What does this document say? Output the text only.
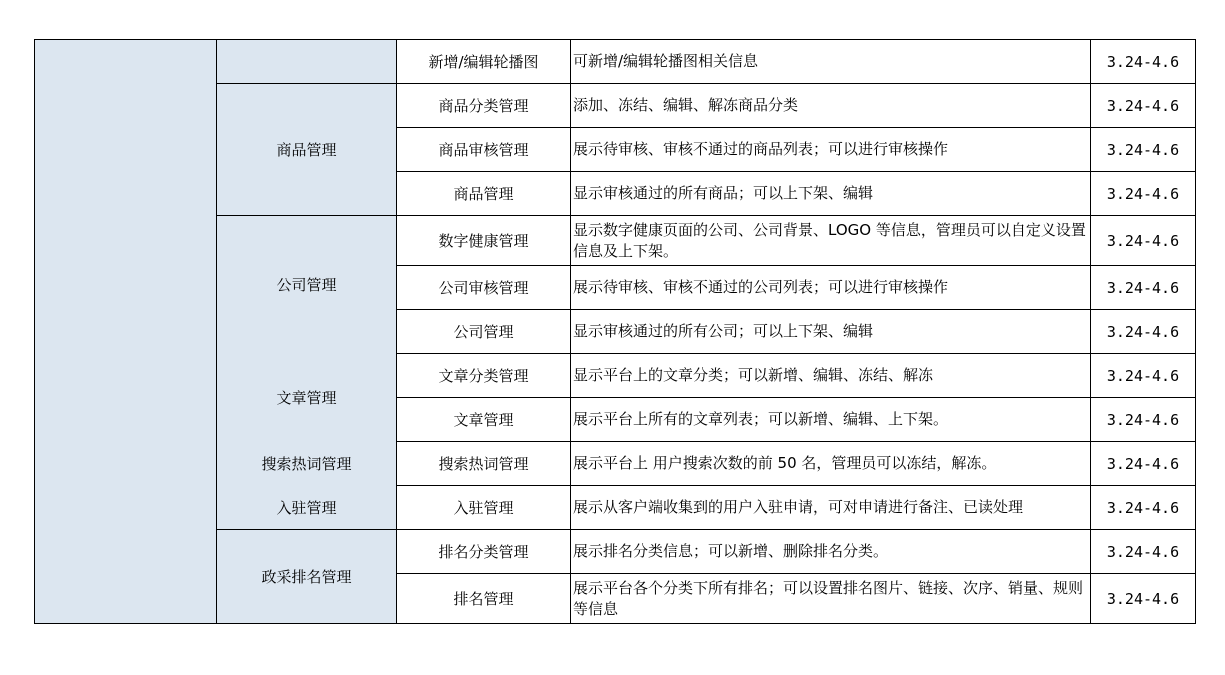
		新增/编辑轮播图	可新增/编辑轮播图相关信息	3.24-4.6
	商品管理	商品分类管理	添加、冻结、编辑、解冻商品分类	3.24-4.6
		商品审核管理	展示待审核、审核不通过的商品列表；可以进行审核操作	3.24-4.6
		商品管理	显示审核通过的所有商品；可以上下架、编辑	3.24-4.6
	公司管理	数字健康管理	显示数字健康页面的公司、公司背景、LOGO 等信息，管理员可以自定义设置信息及上下架。	3.24-4.6
		公司审核管理	展示待审核、审核不通过的公司列表；可以进行审核操作	3.24-4.6
		公司管理	显示审核通过的所有公司；可以上下架、编辑	3.24-4.6
	文章管理	文章分类管理	显示平台上的文章分类；可以新增、编辑、冻结、解冻	3.24-4.6
		文章管理	展示平台上所有的文章列表；可以新增、编辑、上下架。	3.24-4.6
	搜索热词管理	搜索热词管理	展示平台上 用户搜索次数的前 50 名，管理员可以冻结，解冻。	3.24-4.6
	入驻管理	入驻管理	展示从客户端收集到的用户入驻申请，可对申请进行备注、已读处理	3.24-4.6
	政采排名管理	排名分类管理	展示排名分类信息；可以新增、删除排名分类。	3.24-4.6
		排名管理	展示平台各个分类下所有排名；可以设置排名图片、链接、次序、销量、规则等信息	3.24-4.6
